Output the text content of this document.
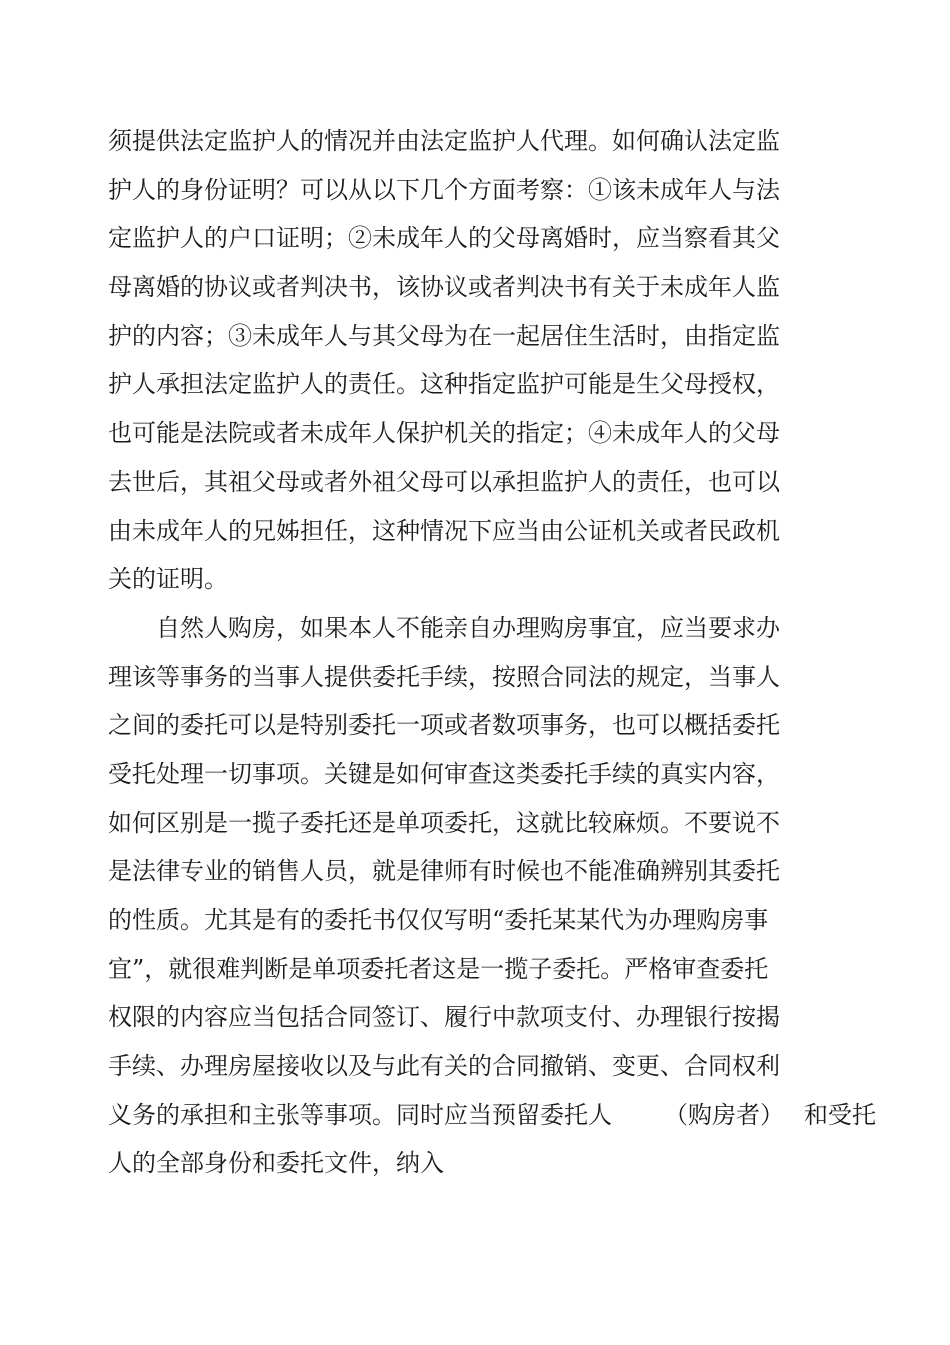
须提供法定监护人的情况并由法定监护人代理。如何确认法定监
护人的身份证明？可以从以下几个方面考察：①该未成年人与法
定监护人的户口证明；②未成年人的父母离婚时，应当察看其父
母离婚的协议或者判决书，该协议或者判决书有关于未成年人监
护的内容；③未成年人与其父母为在一起居住生活时，由指定监
护人承担法定监护人的责任。这种指定监护可能是生父母授权，
也可能是法院或者未成年人保护机关的指定；④未成年人的父母
去世后，其祖父母或者外祖父母可以承担监护人的责任，也可以
由未成年人的兄姊担任，这种情况下应当由公证机关或者民政机
关的证明。
自然人购房，如果本人不能亲自办理购房事宜，应当要求办
理该等事务的当事人提供委托手续，按照合同法的规定，当事人
之间的委托可以是特别委托一项或者数项事务，也可以概括委托
受托处理一切事项。关键是如何审查这类委托手续的真实内容，
如何区别是一揽子委托还是单项委托，这就比较麻烦。不要说不
是法律专业的销售人员，就是律师有时候也不能准确辨别其委托
的性质。尤其是有的委托书仅仅写明“委托某某代为办理购房事
宜”，就很难判断是单项委托者这是一揽子委托。严格审查委托
权限的内容应当包括合同签订、履行中款项支付、办理银行按揭
手续、办理房屋接收以及与此有关的合同撤销、变更、合同权利
义务的承担和主张等事项。同时应当预留委托人 （购房者） 和受托
人的全部身份和委托文件，纳入
